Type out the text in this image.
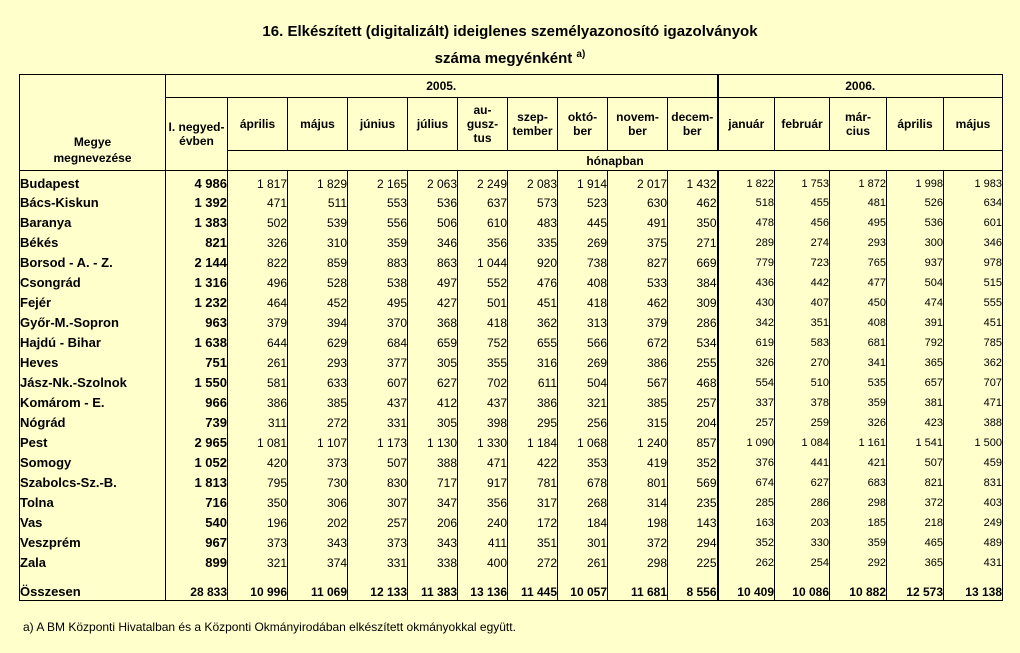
16. Elkészített (digitalizált) ideiglenes személyazonosító igazolványok
száma megyénként $^{a)}$
Megye megnevezése	2005.										2006.				
	I. negyed- évben	április	május	június	július	au- gusz- tus	szep- tember	októ- ber	novem- ber	decem- ber	január	február	már- cius	április	május
		hónapban													
Budapest	4 986	1 817	1 829	2 165	2 063	2 249	2 083	1 914	2 017	1 432	1 822	1 753	1 872	1 998	1 983
Bács-Kiskun	1 392	471	511	553	536	637	573	523	630	462	518	455	481	526	634
Baranya	1 383	502	539	556	506	610	483	445	491	350	478	456	495	536	601
Békés	821	326	310	359	346	356	335	269	375	271	289	274	293	300	346
Borsod - A. - Z.	2 144	822	859	883	863	1 044	920	738	827	669	779	723	765	937	978
Csongrád	1 316	496	528	538	497	552	476	408	533	384	436	442	477	504	515
Fejér	1 232	464	452	495	427	501	451	418	462	309	430	407	450	474	555
Győr-M.-Sopron	963	379	394	370	368	418	362	313	379	286	342	351	408	391	451
Hajdú - Bihar	1 638	644	629	684	659	752	655	566	672	534	619	583	681	792	785
Heves	751	261	293	377	305	355	316	269	386	255	326	270	341	365	362
Jász-Nk.-Szolnok	1 550	581	633	607	627	702	611	504	567	468	554	510	535	657	707
Komárom - E.	966	386	385	437	412	437	386	321	385	257	337	378	359	381	471
Nógrád	739	311	272	331	305	398	295	256	315	204	257	259	326	423	388
Pest	2 965	1 081	1 107	1 173	1 130	1 330	1 184	1 068	1 240	857	1 090	1 084	1 161	1 541	1 500
Somogy	1 052	420	373	507	388	471	422	353	419	352	376	441	421	507	459
Szabolcs-Sz.-B.	1 813	795	730	830	717	917	781	678	801	569	674	627	683	821	831
Tolna	716	350	306	307	347	356	317	268	314	235	285	286	298	372	403
Vas	540	196	202	257	206	240	172	184	198	143	163	203	185	218	249
Veszprém	967	373	343	373	343	411	351	301	372	294	352	330	359	465	489
Zala	899	321	374	331	338	400	272	261	298	225	262	254	292	365	431
Összesen	28 833	10 996	11 069	12 133	11 383	13 136	11 445	10 057	11 681	8 556	10 409	10 086	10 882	12 573	13 138
a) A BM Központi Hivatalban és a Központi Okmányirodában elkészített okmányokkal együtt.
